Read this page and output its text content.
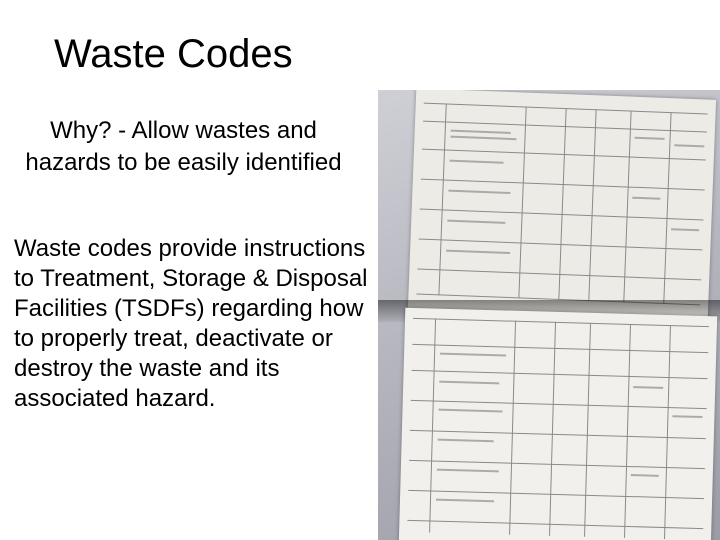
Waste Codes
Why? - Allow wastes and hazards to be easily identified
Waste codes provide instructions to Treatment, Storage & Disposal Facilities (TSDFs) regarding how to properly treat, deactivate or destroy the waste and its associated hazard.
